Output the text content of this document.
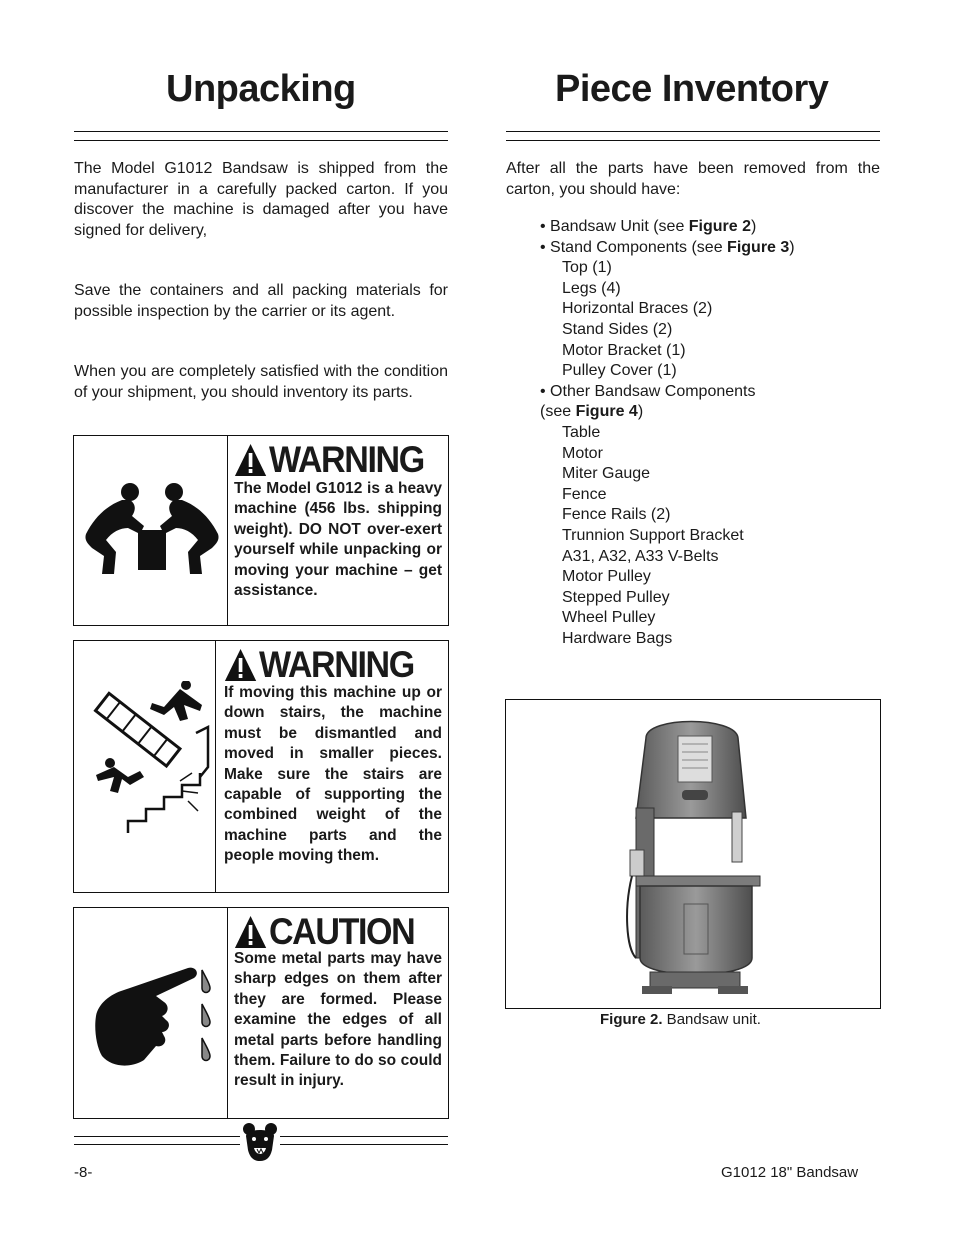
Unpacking
The Model G1012 Bandsaw is shipped from the manufacturer in a carefully packed carton. If you discover the machine is damaged after you have signed for delivery,
Save the containers and all packing materials for possible inspection by the carrier or its agent.
When you are completely satisfied with the condition of your shipment, you should inventory its parts.
WARNING
The Model G1012 is a heavy machine (456 lbs. shipping weight). DO NOT over-exert yourself while unpacking or moving your machine – get assistance.
WARNING
If moving this machine up or down stairs, the machine must be dismantled and moved in smaller pieces. Make sure the stairs are capable of supporting the combined weight of the machine parts and the people moving them.
CAUTION
Some metal parts may have sharp edges on them after they are formed. Please examine the edges of all metal parts before handling them. Failure to do so could result in injury.
-8-
Piece Inventory
After all the parts have been removed from the carton, you should have:
• Bandsaw Unit (see Figure 2)
• Stand Components (see Figure 3)
Top (1)
Legs (4)
Horizontal Braces (2)
Stand Sides (2)
Motor Bracket (1)
Pulley Cover (1)
• Other Bandsaw Components
(see Figure 4)
Table
Motor
Miter Gauge
Fence
Fence Rails (2)
Trunnion Support Bracket
A31, A32, A33 V-Belts
Motor Pulley
Stepped Pulley
Wheel Pulley
Hardware Bags
Figure 2. Bandsaw unit.
G1012 18" Bandsaw
